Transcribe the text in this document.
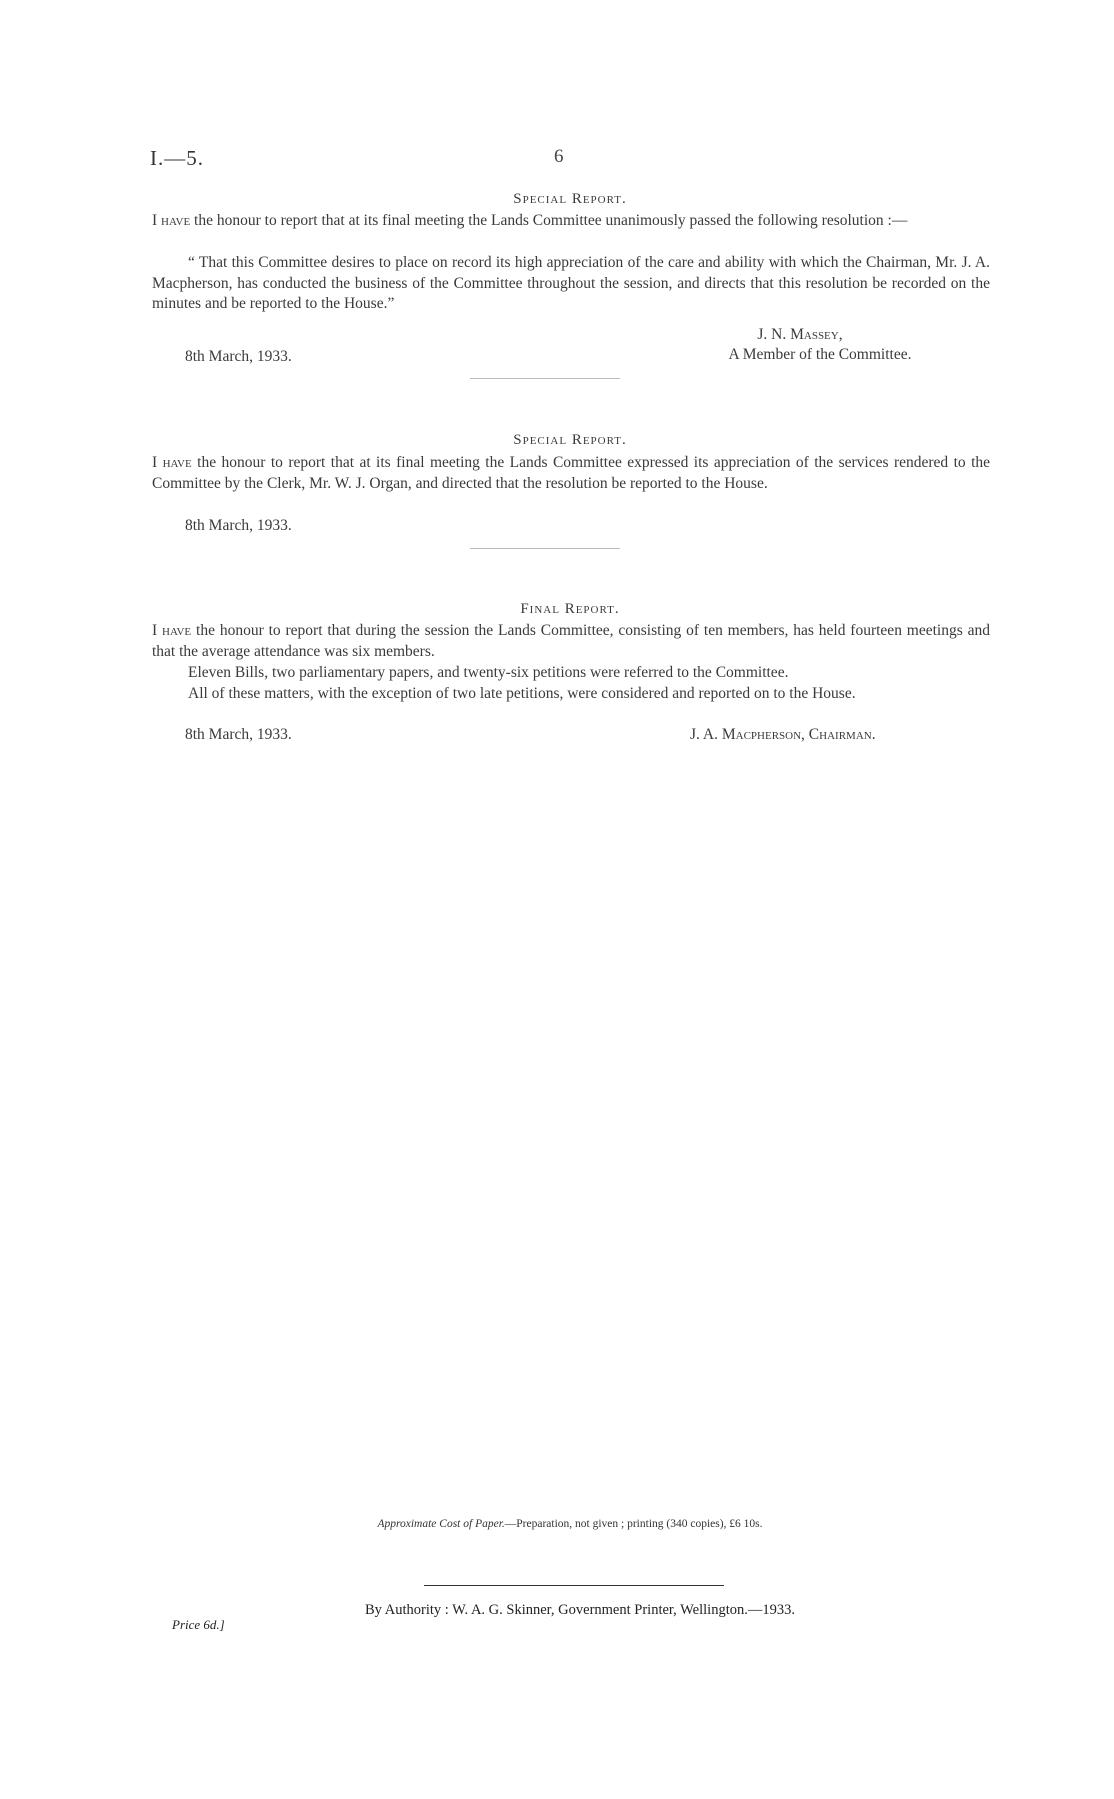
I.—5.	6
Special Report.
I have the honour to report that at its final meeting the Lands Committee unanimously passed the following resolution :—
“ That this Committee desires to place on record its high appreciation of the care and ability with which the Chairman, Mr. J. A. Macpherson, has conducted the business of the Committee throughout the session, and directs that this resolution be recorded on the minutes and be reported to the House.”
J. N. Massey,
A Member of the Committee.
8th March, 1933.
Special Report.
I have the honour to report that at its final meeting the Lands Committee expressed its appreciation of the services rendered to the Committee by the Clerk, Mr. W. J. Organ, and directed that the resolution be reported to the House.
8th March, 1933.
Final Report.
I have the honour to report that during the session the Lands Committee, consisting of ten members, has held fourteen meetings and that the average attendance was six members.
Eleven Bills, two parliamentary papers, and twenty-six petitions were referred to the Committee.
All of these matters, with the exception of two late petitions, were considered and reported on to the House.
8th March, 1933.	J. A. Macpherson, Chairman.
Approximate Cost of Paper.—Preparation, not given ; printing (340 copies), £6 10s.
By Authority : W. A. G. Skinner, Government Printer, Wellington.—1933.
Price 6d.]
